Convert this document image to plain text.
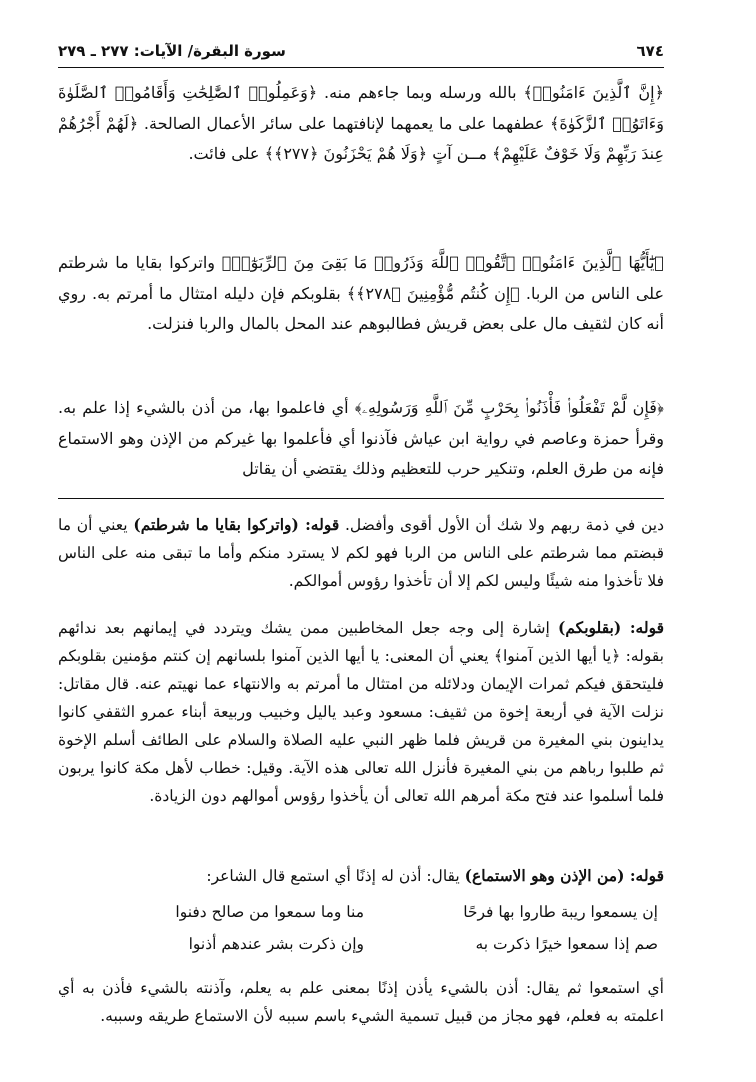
٦٧٤
سورة البقرة/ الآيات: ٢٧٧ ـ ٢٧٩

﴿إِنَّ ٱلَّذِينَ ءَامَنُوا۟﴾ بالله ورسله وبما جاءهم منه. ﴿وَعَمِلُوا۟ ٱلصَّٰلِحَٰتِ وَأَقَامُوا۟ ٱلصَّلَوٰةَ وَءَاتَوُا۟ ٱلزَّكَوٰةَ﴾ عطفهما على ما يعمهما لإنافتهما على سائر الأعمال الصالحة. ﴿لَهُمْ أَجْرُهُمْ عِندَ رَبِّهِمْ وَلَا خَوْفٌ عَلَيْهِمْ﴾ مــن آتٍ ﴿وَلَا هُمْ يَحْزَنُونَ ﴿٢٧٧﴾﴾ على فائت.

﴿يَٰٓأَيُّهَا ٱلَّذِينَ ءَامَنُوا۟ ٱتَّقُوا۟ ٱللَّهَ وَذَرُوا۟ مَا بَقِىَ مِنَ ٱلرِّبَوٰٓا۟﴾ واتركوا بقايا ما شرطتم على الناس من الربا. ﴿إِن كُنتُم مُّؤْمِنِينَ ﴿٢٧٨﴾﴾ بقلوبكم فإن دليله امتثال ما أمرتم به. روي أنه كان لثقيف مال على بعض قريش فطالبوهم عند المحل بالمال والربا فنزلت.

﴿فَإِن لَّمْ تَفْعَلُوا۟ فَأْذَنُوا۟ بِحَرْبٍ مِّنَ ٱللَّهِ وَرَسُولِهِۦ﴾ أي فاعلموا بها، من أذن بالشيء إذا علم به. وقرأ حمزة وعاصم في رواية ابن عياش فآذنوا أي فأعلموا بها غيركم من الإذن وهو الاستماع فإنه من طرق العلم، وتنكير حرب للتعظيم وذلك يقتضي أن يقاتل

دين في ذمة ربهم ولا شك أن الأول أقوى وأفضل. قوله: (واتركوا بقايا ما شرطتم) يعني أن ما قبضتم مما شرطتم على الناس من الربا فهو لكم لا يسترد منكم وأما ما تبقى منه على الناس فلا تأخذوا منه شيئًا وليس لكم إلا أن تأخذوا رؤوس أموالكم.

قوله: (بقلوبكم) إشارة إلى وجه جعل المخاطبين ممن يشك ويتردد في إيمانهم بعد ندائهم بقوله: ﴿يا أيها الذين آمنوا﴾ يعني أن المعنى: يا أيها الذين آمنوا بلسانهم إن كنتم مؤمنين بقلوبكم فليتحقق فيكم ثمرات الإيمان ودلائله من امتثال ما أمرتم به والانتهاء عما نهيتم عنه. قال مقاتل: نزلت الآية في أربعة إخوة من ثقيف: مسعود وعبد ياليل وخبيب وربيعة أبناء عمرو الثقفي كانوا يداينون بني المغيرة من قريش فلما ظهر النبي عليه الصلاة والسلام على الطائف أسلم الإخوة ثم طلبوا رباهم من بني المغيرة فأنزل الله تعالى هذه الآية. وقيل: خطاب لأهل مكة كانوا يربون فلما أسلموا عند فتح مكة أمرهم الله تعالى أن يأخذوا رؤوس أموالهم دون الزيادة.

قوله: (من الإذن وهو الاستماع) يقال: أذن له إذنًا أي استمع قال الشاعر:

إن يسمعوا ريبة طاروا بها فرحًا
منا وما سمعوا من صالح دفنوا
صم إذا سمعوا خيرًا ذكرت به
وإن ذكرت بشر عندهم أذنوا

أي استمعوا ثم يقال: أذن بالشيء يأذن إذنًا بمعنى علم به يعلم، وآذنته بالشيء فأذن به أي اعلمته به فعلم، فهو مجاز من قبيل تسمية الشيء باسم سببه لأن الاستماع طريقه وسببه.
